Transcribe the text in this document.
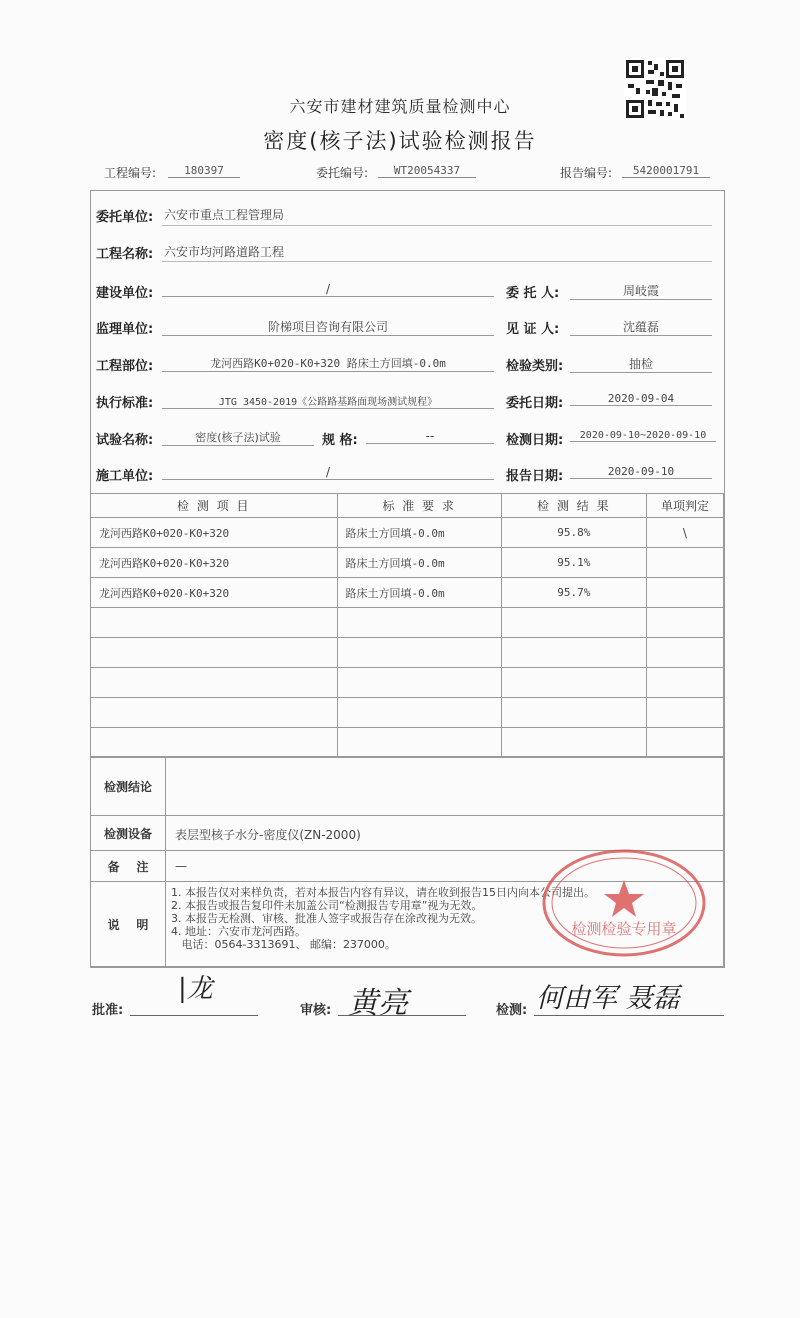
六安市建材建筑质量检测中心
密度(核子法)试验检测报告
工程编号:	180397	委托编号:	WT20054337	报告编号:	5420001791
委托单位: 六安市重点工程管理局
工程名称: 六安市均河路道路工程
建设单位:	/	委 托 人:	周岐霞
监理单位:	阶梯项目咨询有限公司	见 证 人:	沈蕴磊
工程部位:	龙河西路K0+020-K0+320 路床土方回填-0.0m	检验类别:	抽检
执行标准:	JTG 3450-2019《公路路基路面现场测试规程》	委托日期:	2020-09-04
试验名称:	密度(核子法)试验	规 格:	--	检测日期:	2020-09-10~2020-09-10
施工单位:	/	报告日期:	2020-09-10
检 测 项 目	标 准 要 求	检 测 结 果	单项判定
龙河西路K0+020-K0+320	路床土方回填-0.0m	95.8%	\
龙河西路K0+020-K0+320	路床土方回填-0.0m	95.1%	
龙河西路K0+020-K0+320	路床土方回填-0.0m	95.7%	

检测结论
检测设备	表层型核子水分-密度仪(ZN-2000)
备    注	—
说    明
1. 本报告仅对来样负责，若对本报告内容有异议，请在收到报告15日内向本公司提出。
2. 本报告或报告复印件未加盖公司“检测报告专用章”视为无效。
3. 本报告无检测、审核、批准人签字或报告存在涂改视为无效。
4. 地址：六安市龙河西路。
电话：0564-3313691、 邮编：237000。
检测检验专用章
批准:
|龙
审核: 黄亮	检测: 何由军 聂磊
